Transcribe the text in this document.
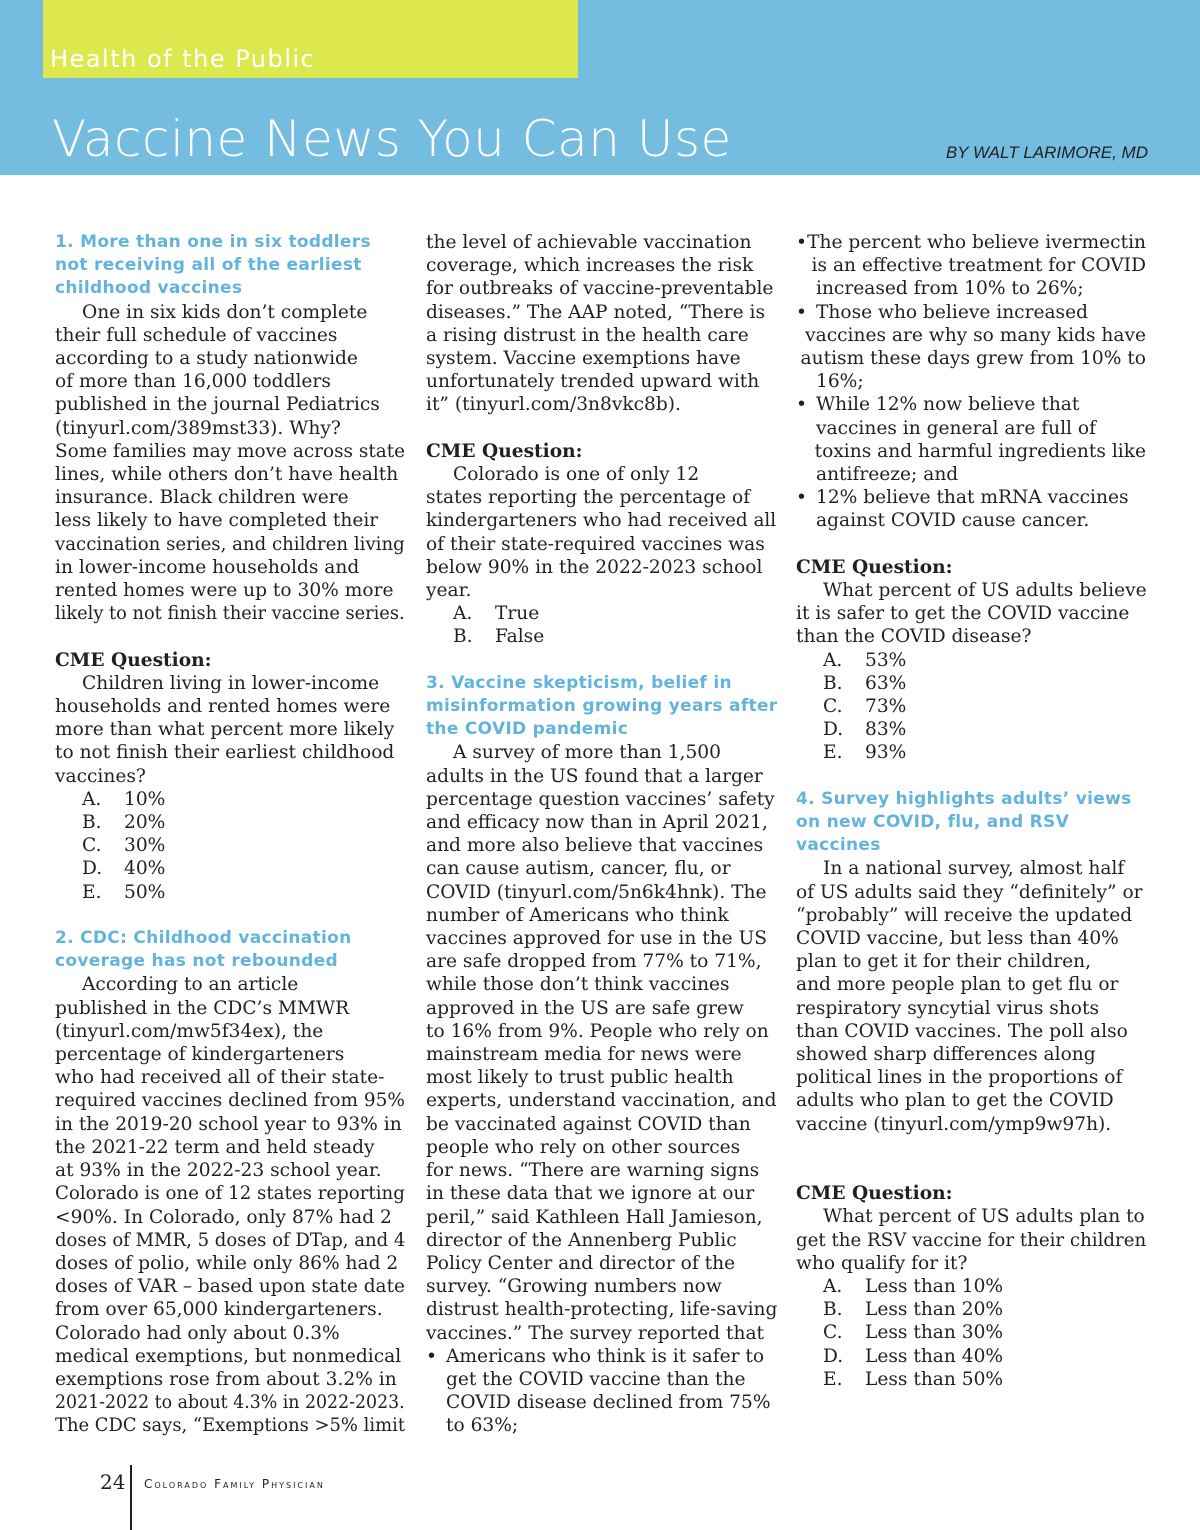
Health of the Public
Vaccine News You Can Use	BY WALT LARIMORE, MD
1. More than one in six toddlers
not receiving all of the earliest
childhood vaccines
One in six kids don’t complete
their full schedule of vaccines
according to a study nationwide
of more than 16,000 toddlers
published in the journal Pediatrics
(tinyurl.com/389mst33). Why?
Some families may move across state
lines, while others don’t have health
insurance. Black children were
less likely to have completed their
vaccination series, and children living
in lower-income households and
rented homes were up to 30% more
likely to not finish their vaccine series.
CME Question:
Children living in lower-income
households and rented homes were
more than what percent more likely
to not finish their earliest childhood
vaccines?
A.	10%
B.	20%
C.	30%
D.	40%
E.	50%
2. CDC: Childhood vaccination
coverage has not rebounded
According to an article
published in the CDC’s MMWR
(tinyurl.com/mw5f34ex), the
percentage of kindergarteners
who had received all of their state-
required vaccines declined from 95%
in the 2019-20 school year to 93% in
the 2021-22 term and held steady
at 93% in the 2022-23 school year.
Colorado is one of 12 states reporting
<90%. In Colorado, only 87% had 2
doses of MMR, 5 doses of DTap, and 4
doses of polio, while only 86% had 2
doses of VAR – based upon state date
from over 65,000 kindergarteners.
Colorado had only about 0.3%
medical exemptions, but nonmedical
exemptions rose from about 3.2% in
2021-2022 to about 4.3% in 2022-2023.
The CDC says, “Exemptions >5% limit
the level of achievable vaccination
coverage, which increases the risk
for outbreaks of vaccine-preventable
diseases.” The AAP noted, “There is
a rising distrust in the health care
system. Vaccine exemptions have
unfortunately trended upward with
it” (tinyurl.com/3n8vkc8b).
CME Question:
Colorado is one of only 12
states reporting the percentage of
kindergarteners who had received all
of their state-required vaccines was
below 90% in the 2022-2023 school
year.
A.	True
B.	False
3. Vaccine skepticism, belief in
misinformation growing years after
the COVID pandemic
A survey of more than 1,500
adults in the US found that a larger
percentage question vaccines’ safety
and efficacy now than in April 2021,
and more also believe that vaccines
can cause autism, cancer, flu, or
COVID (tinyurl.com/5n6k4hnk). The
number of Americans who think
vaccines approved for use in the US
are safe dropped from 77% to 71%,
while those don’t think vaccines
approved in the US are safe grew
to 16% from 9%. People who rely on
mainstream media for news were
most likely to trust public health
experts, understand vaccination, and
be vaccinated against COVID than
people who rely on other sources
for news. “There are warning signs
in these data that we ignore at our
peril,” said Kathleen Hall Jamieson,
director of the Annenberg Public
Policy Center and director of the
survey. “Growing numbers now
distrust health-protecting, life-saving
vaccines.” The survey reported that
• Americans who think is it safer to
get the COVID vaccine than the
COVID disease declined from 75%
to 63%;
• The percent who believe ivermectin
is an effective treatment for COVID
increased from 10% to 26%;
• Those who believe increased
vaccines are why so many kids have
autism these days grew from 10% to
16%;
• While 12% now believe that
vaccines in general are full of
toxins and harmful ingredients like
antifreeze; and
• 12% believe that mRNA vaccines
against COVID cause cancer.
CME Question:
What percent of US adults believe
it is safer to get the COVID vaccine
than the COVID disease?
A.	53%
B.	63%
C.	73%
D.	83%
E.	93%
4. Survey highlights adults’ views
on new COVID, flu, and RSV
vaccines
In a national survey, almost half
of US adults said they “definitely” or
“probably” will receive the updated
COVID vaccine, but less than 40%
plan to get it for their children,
and more people plan to get flu or
respiratory syncytial virus shots
than COVID vaccines. The poll also
showed sharp differences along
political lines in the proportions of
adults who plan to get the COVID
vaccine (tinyurl.com/ymp9w97h).
CME Question:
What percent of US adults plan to
get the RSV vaccine for their children
who qualify for it?
A.	Less than 10%
B.	Less than 20%
C.	Less than 30%
D.	Less than 40%
E.	Less than 50%
24 Colorado Family Physician
